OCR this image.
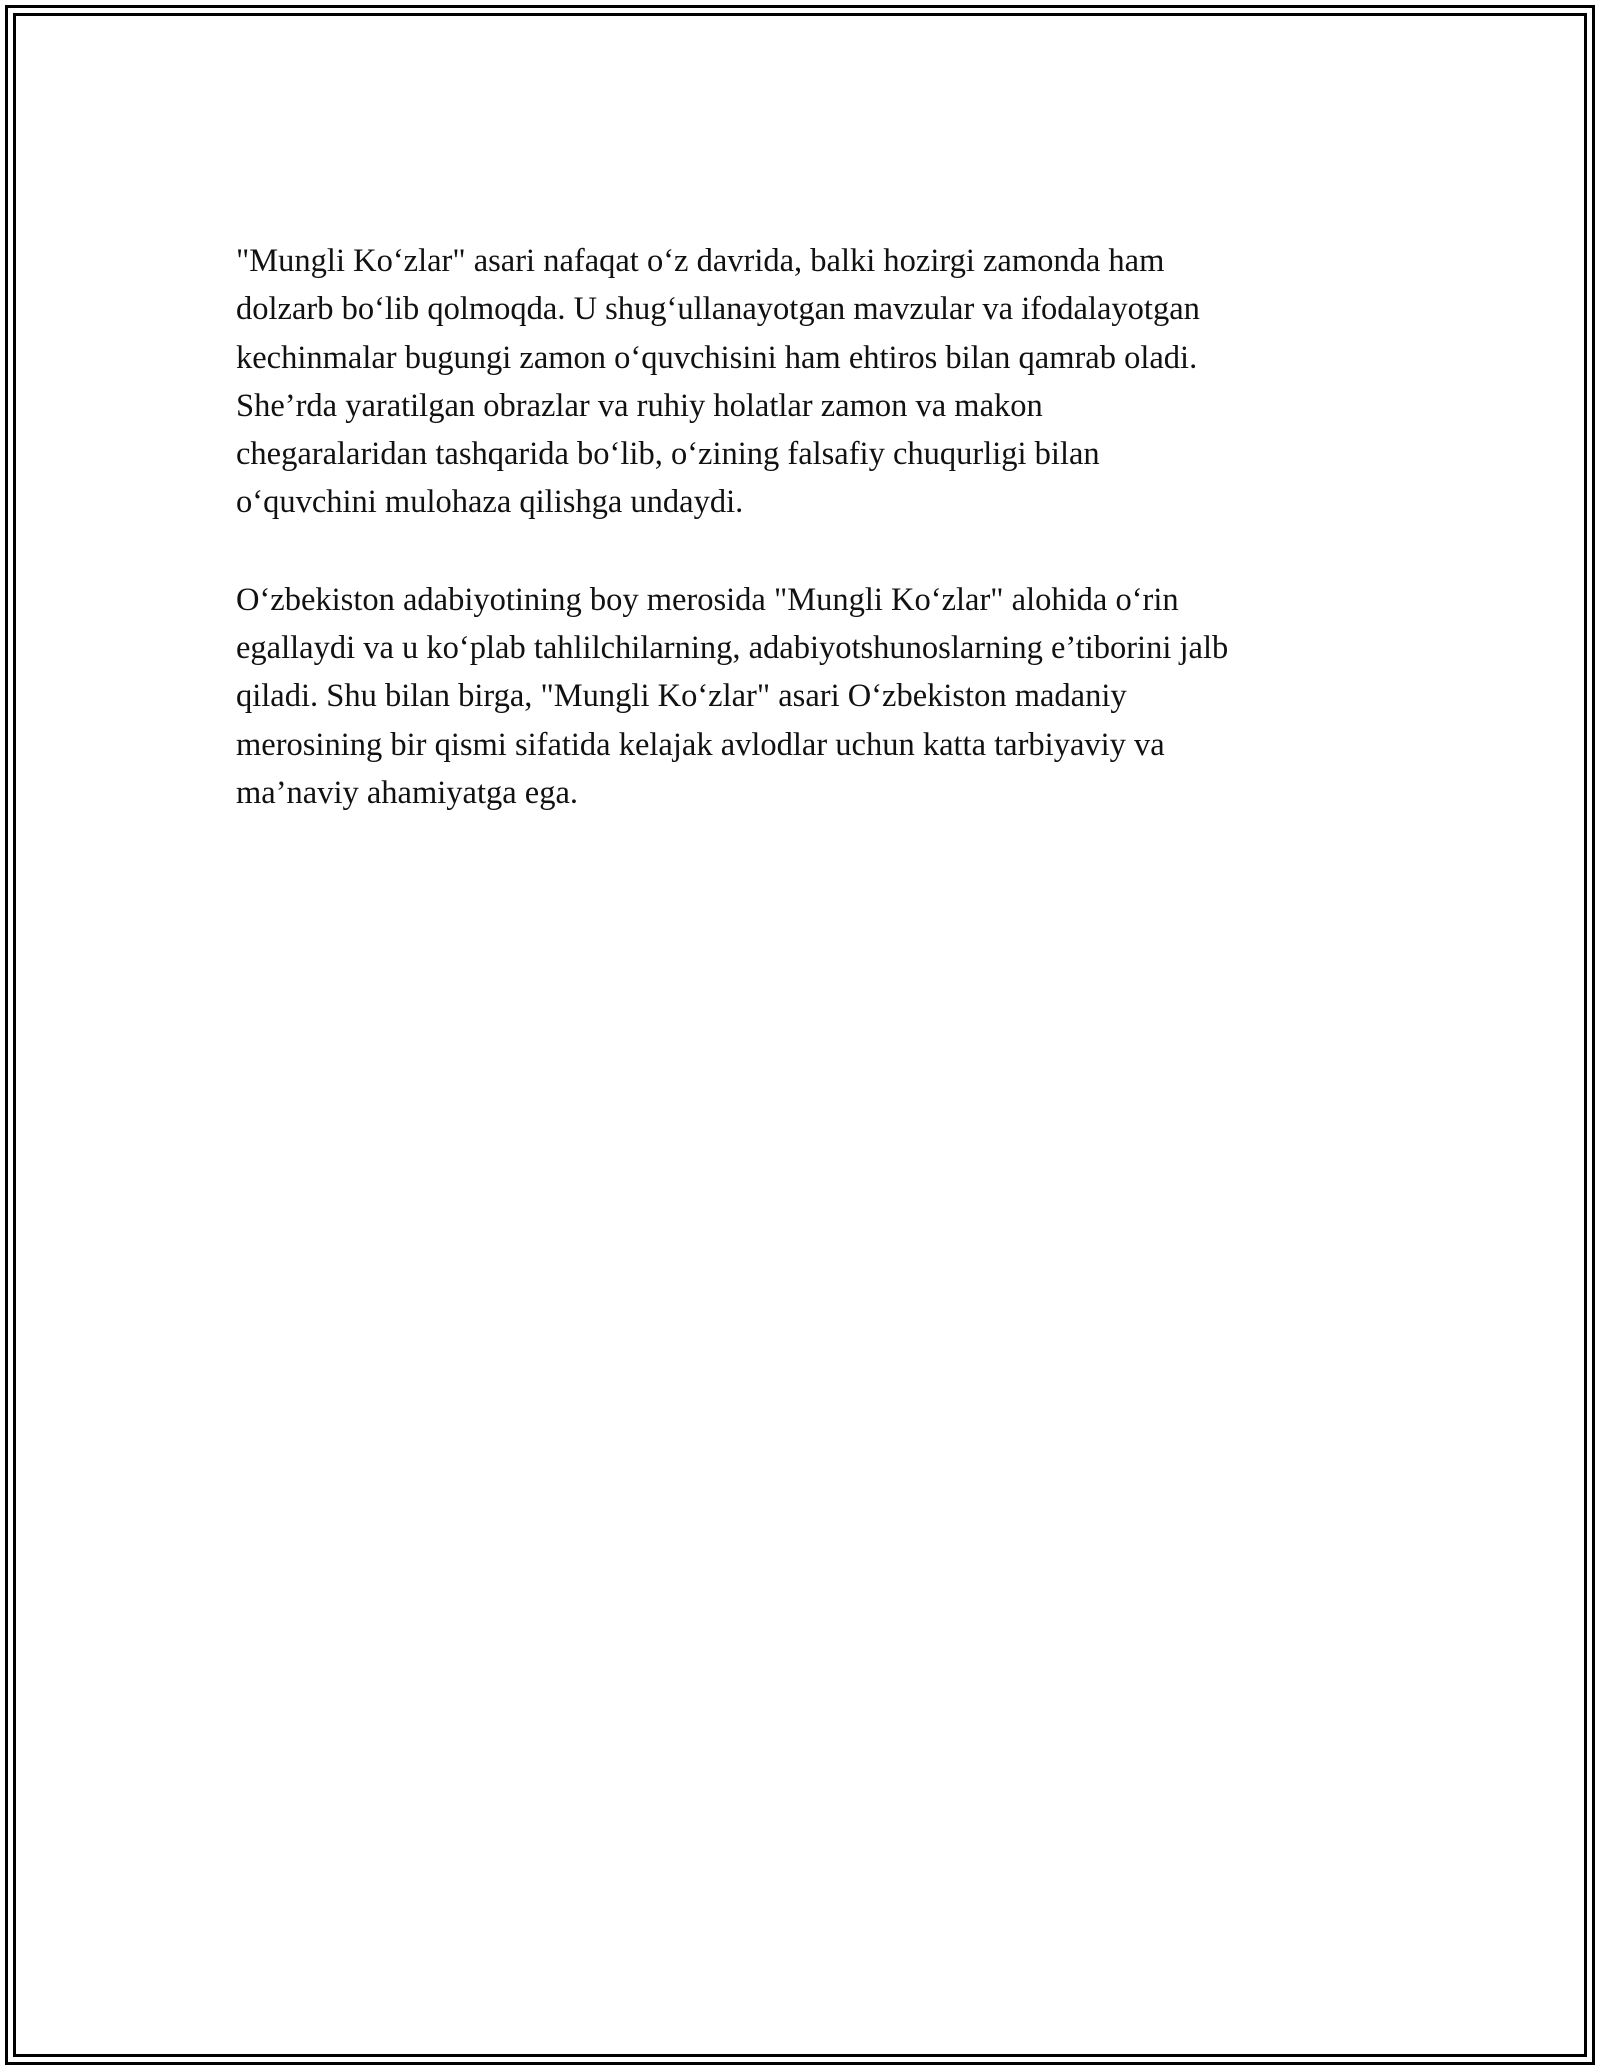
"Mungli Ko‘zlar" asari nafaqat o‘z davrida, balki hozirgi zamonda ham
dolzarb bo‘lib qolmoqda. U shug‘ullanayotgan mavzular va ifodalayotgan
kechinmalar bugungi zamon o‘quvchisini ham ehtiros bilan qamrab oladi.
She’rda yaratilgan obrazlar va ruhiy holatlar zamon va makon
chegaralaridan tashqarida bo‘lib, o‘zining falsafiy chuqurligi bilan
o‘quvchini mulohaza qilishga undaydi.

O‘zbekiston adabiyotining boy merosida "Mungli Ko‘zlar" alohida o‘rin
egallaydi va u ko‘plab tahlilchilarning, adabiyotshunoslarning e’tiborini jalb
qiladi. Shu bilan birga, "Mungli Ko‘zlar" asari O‘zbekiston madaniy
merosining bir qismi sifatida kelajak avlodlar uchun katta tarbiyaviy va
ma’naviy ahamiyatga ega.
